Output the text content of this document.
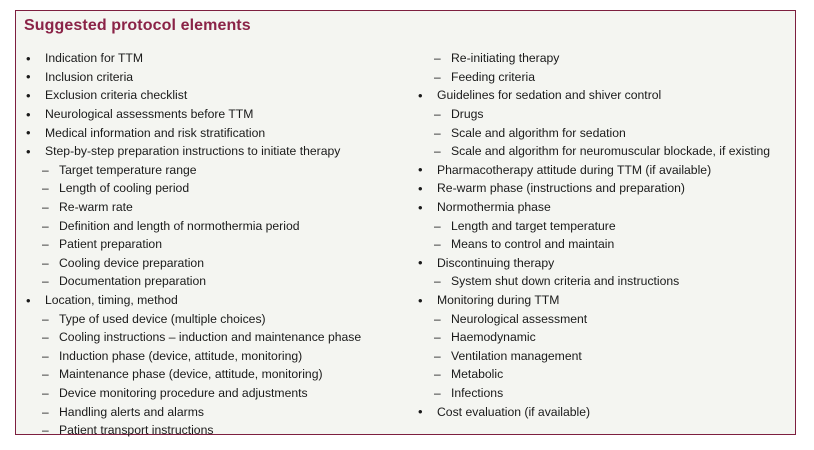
Suggested protocol elements
•	Indication for TTM
•	Inclusion criteria
•	Exclusion criteria checklist
•	Neurological assessments before TTM
•	Medical information and risk stratification
•	Step-by-step preparation instructions to initiate therapy
– Target temperature range
– Length of cooling period
– Re-warm rate
– Definition and length of normothermia period
– Patient preparation
– Cooling device preparation
– Documentation preparation
•	Location, timing, method
– Type of used device (multiple choices)
– Cooling instructions – induction and maintenance phase
– Induction phase (device, attitude, monitoring)
– Maintenance phase (device, attitude, monitoring)
– Device monitoring procedure and adjustments
– Handling alerts and alarms
– Patient transport instructions
– Re-initiating therapy
– Feeding criteria
•	Guidelines for sedation and shiver control
– Drugs
– Scale and algorithm for sedation
– Scale and algorithm for neuromuscular blockade, if existing
•	Pharmacotherapy attitude during TTM (if available)
•	Re-warm phase (instructions and preparation)
•	Normothermia phase
– Length and target temperature
– Means to control and maintain
•	Discontinuing therapy
– System shut down criteria and instructions
•	Monitoring during TTM
– Neurological assessment
– Haemodynamic
– Ventilation management
– Metabolic
– Infections
•	Cost evaluation (if available)
